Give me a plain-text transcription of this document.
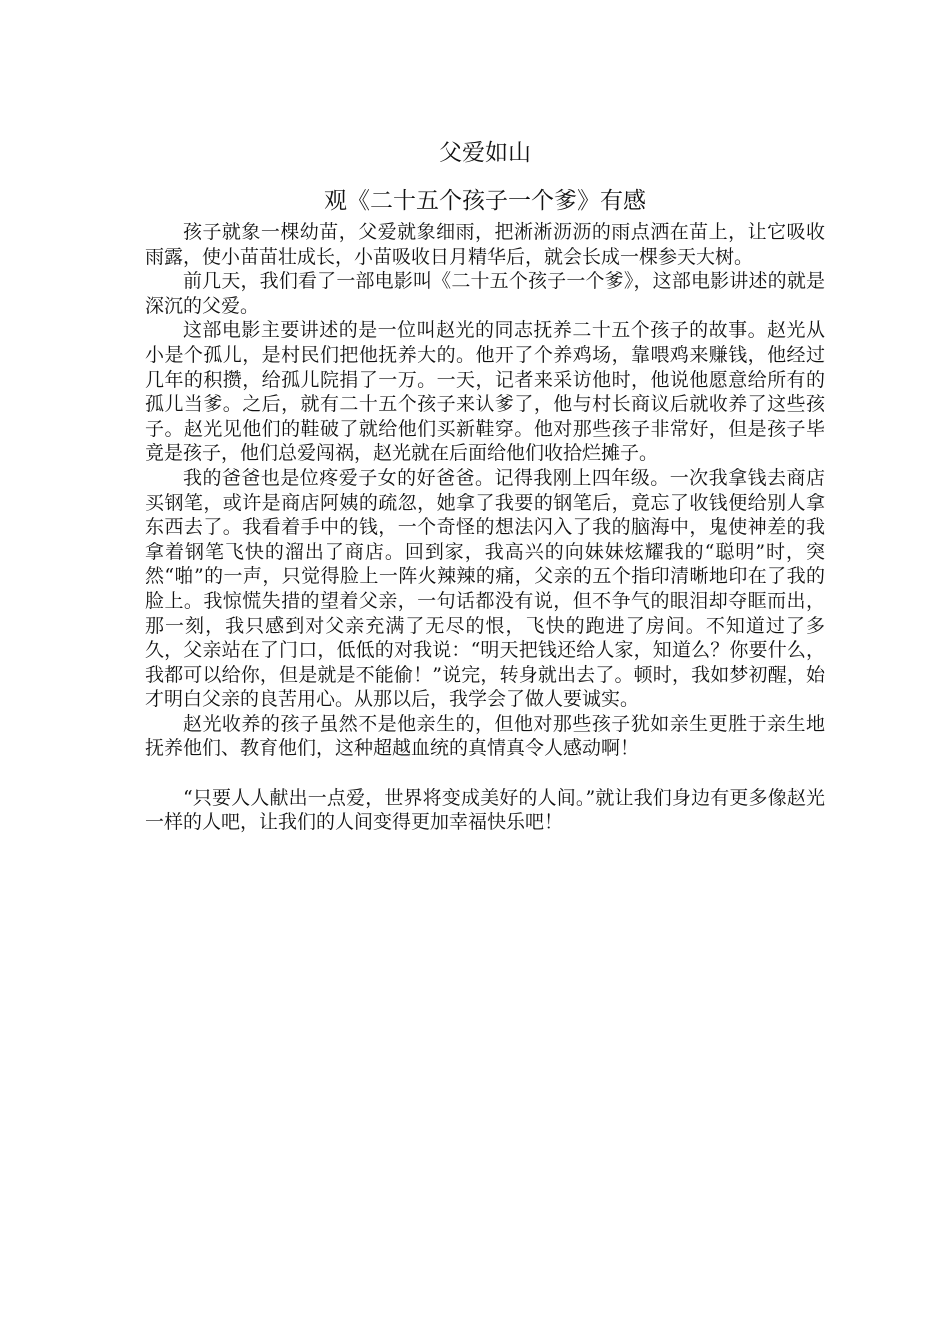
父爱如山
观《二十五个孩子一个爹》有感

孩子就象一棵幼苗，父爱就象细雨，把淅淅沥沥的雨点洒在苗上，让它吸收雨露，使小苗苗壮成长，小苗吸收日月精华后，就会长成一棵参天大树。

前几天，我们看了一部电影叫《二十五个孩子一个爹》，这部电影讲述的就是深沉的父爱。

这部电影主要讲述的是一位叫赵光的同志抚养二十五个孩子的故事。赵光从小是个孤儿，是村民们把他抚养大的。他开了个养鸡场，靠喂鸡来赚钱，他经过几年的积攒，给孤儿院捐了一万。一天，记者来采访他时，他说他愿意给所有的孤儿当爹。之后，就有二十五个孩子来认爹了，他与村长商议后就收养了这些孩子。赵光见他们的鞋破了就给他们买新鞋穿。他对那些孩子非常好，但是孩子毕竟是孩子，他们总爱闯祸，赵光就在后面给他们收拾烂摊子。

我的爸爸也是位疼爱子女的好爸爸。记得我刚上四年级。一次我拿钱去商店买钢笔，或许是商店阿姨的疏忽，她拿了我要的钢笔后，竟忘了收钱便给别人拿东西去了。我看着手中的钱，一个奇怪的想法闪入了我的脑海中，鬼使神差的我拿着钢笔飞快的溜出了商店。回到家，我高兴的向妹妹炫耀我的“聪明”时，突然“啪”的一声，只觉得脸上一阵火辣辣的痛，父亲的五个指印清晰地印在了我的脸上。我惊慌失措的望着父亲，一句话都没有说，但不争气的眼泪却夺眶而出，那一刻，我只感到对父亲充满了无尽的恨，飞快的跑进了房间。不知道过了多久，父亲站在了门口，低低的对我说：“明天把钱还给人家，知道么？你要什么，我都可以给你，但是就是不能偷！”说完，转身就出去了。顿时，我如梦初醒，始才明白父亲的良苦用心。从那以后，我学会了做人要诚实。

赵光收养的孩子虽然不是他亲生的，但他对那些孩子犹如亲生更胜于亲生地抚养他们、教育他们，这种超越血统的真情真令人感动啊！

“只要人人献出一点爱，世界将变成美好的人间。”就让我们身边有更多像赵光一样的人吧，让我们的人间变得更加幸福快乐吧！
